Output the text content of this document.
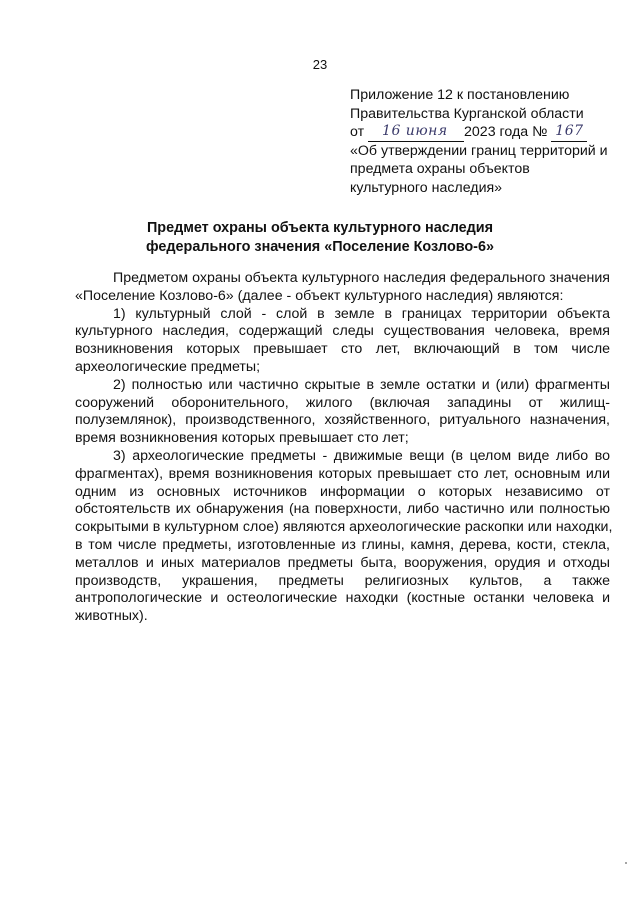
23
Приложение 12 к постановлению
Правительства Курганской области
от 16 июня 2023 года № 167
«Об утверждении границ территорий и
предмета охраны объектов
культурного наследия»
Предмет охраны объекта культурного наследия
федерального значения «Поселение Козлово-6»

Предметом охраны объекта культурного наследия федерального значения

«Поселение Козлово-6» (далее - объект культурного наследия) являются:

1) культурный слой - слой в земле в границах территории объекта

культурного наследия, содержащий следы существования человека, время

возникновения которых превышает сто лет, включающий в том числе

археологические предметы;

2) полностью или частично скрытые в земле остатки и (или) фрагменты

сооружений оборонительного, жилого (включая западины от жилищ-

полуземлянок), производственного, хозяйственного, ритуального назначения,

время возникновения которых превышает сто лет;

3) археологические предметы - движимые вещи (в целом виде либо во

фрагментах), время возникновения которых превышает сто лет, основным или

одним из основных источников информации о которых независимо от

обстоятельств их обнаружения (на поверхности, либо частично или полностью

сокрытыми в культурном слое) являются археологические раскопки или находки,

в том числе предметы, изготовленные из глины, камня, дерева, кости, стекла,

металлов и иных материалов предметы быта, вооружения, орудия и отходы

производств, украшения, предметы религиозных культов, а также

антропологические и остеологические находки (костные останки человека и

животных).
